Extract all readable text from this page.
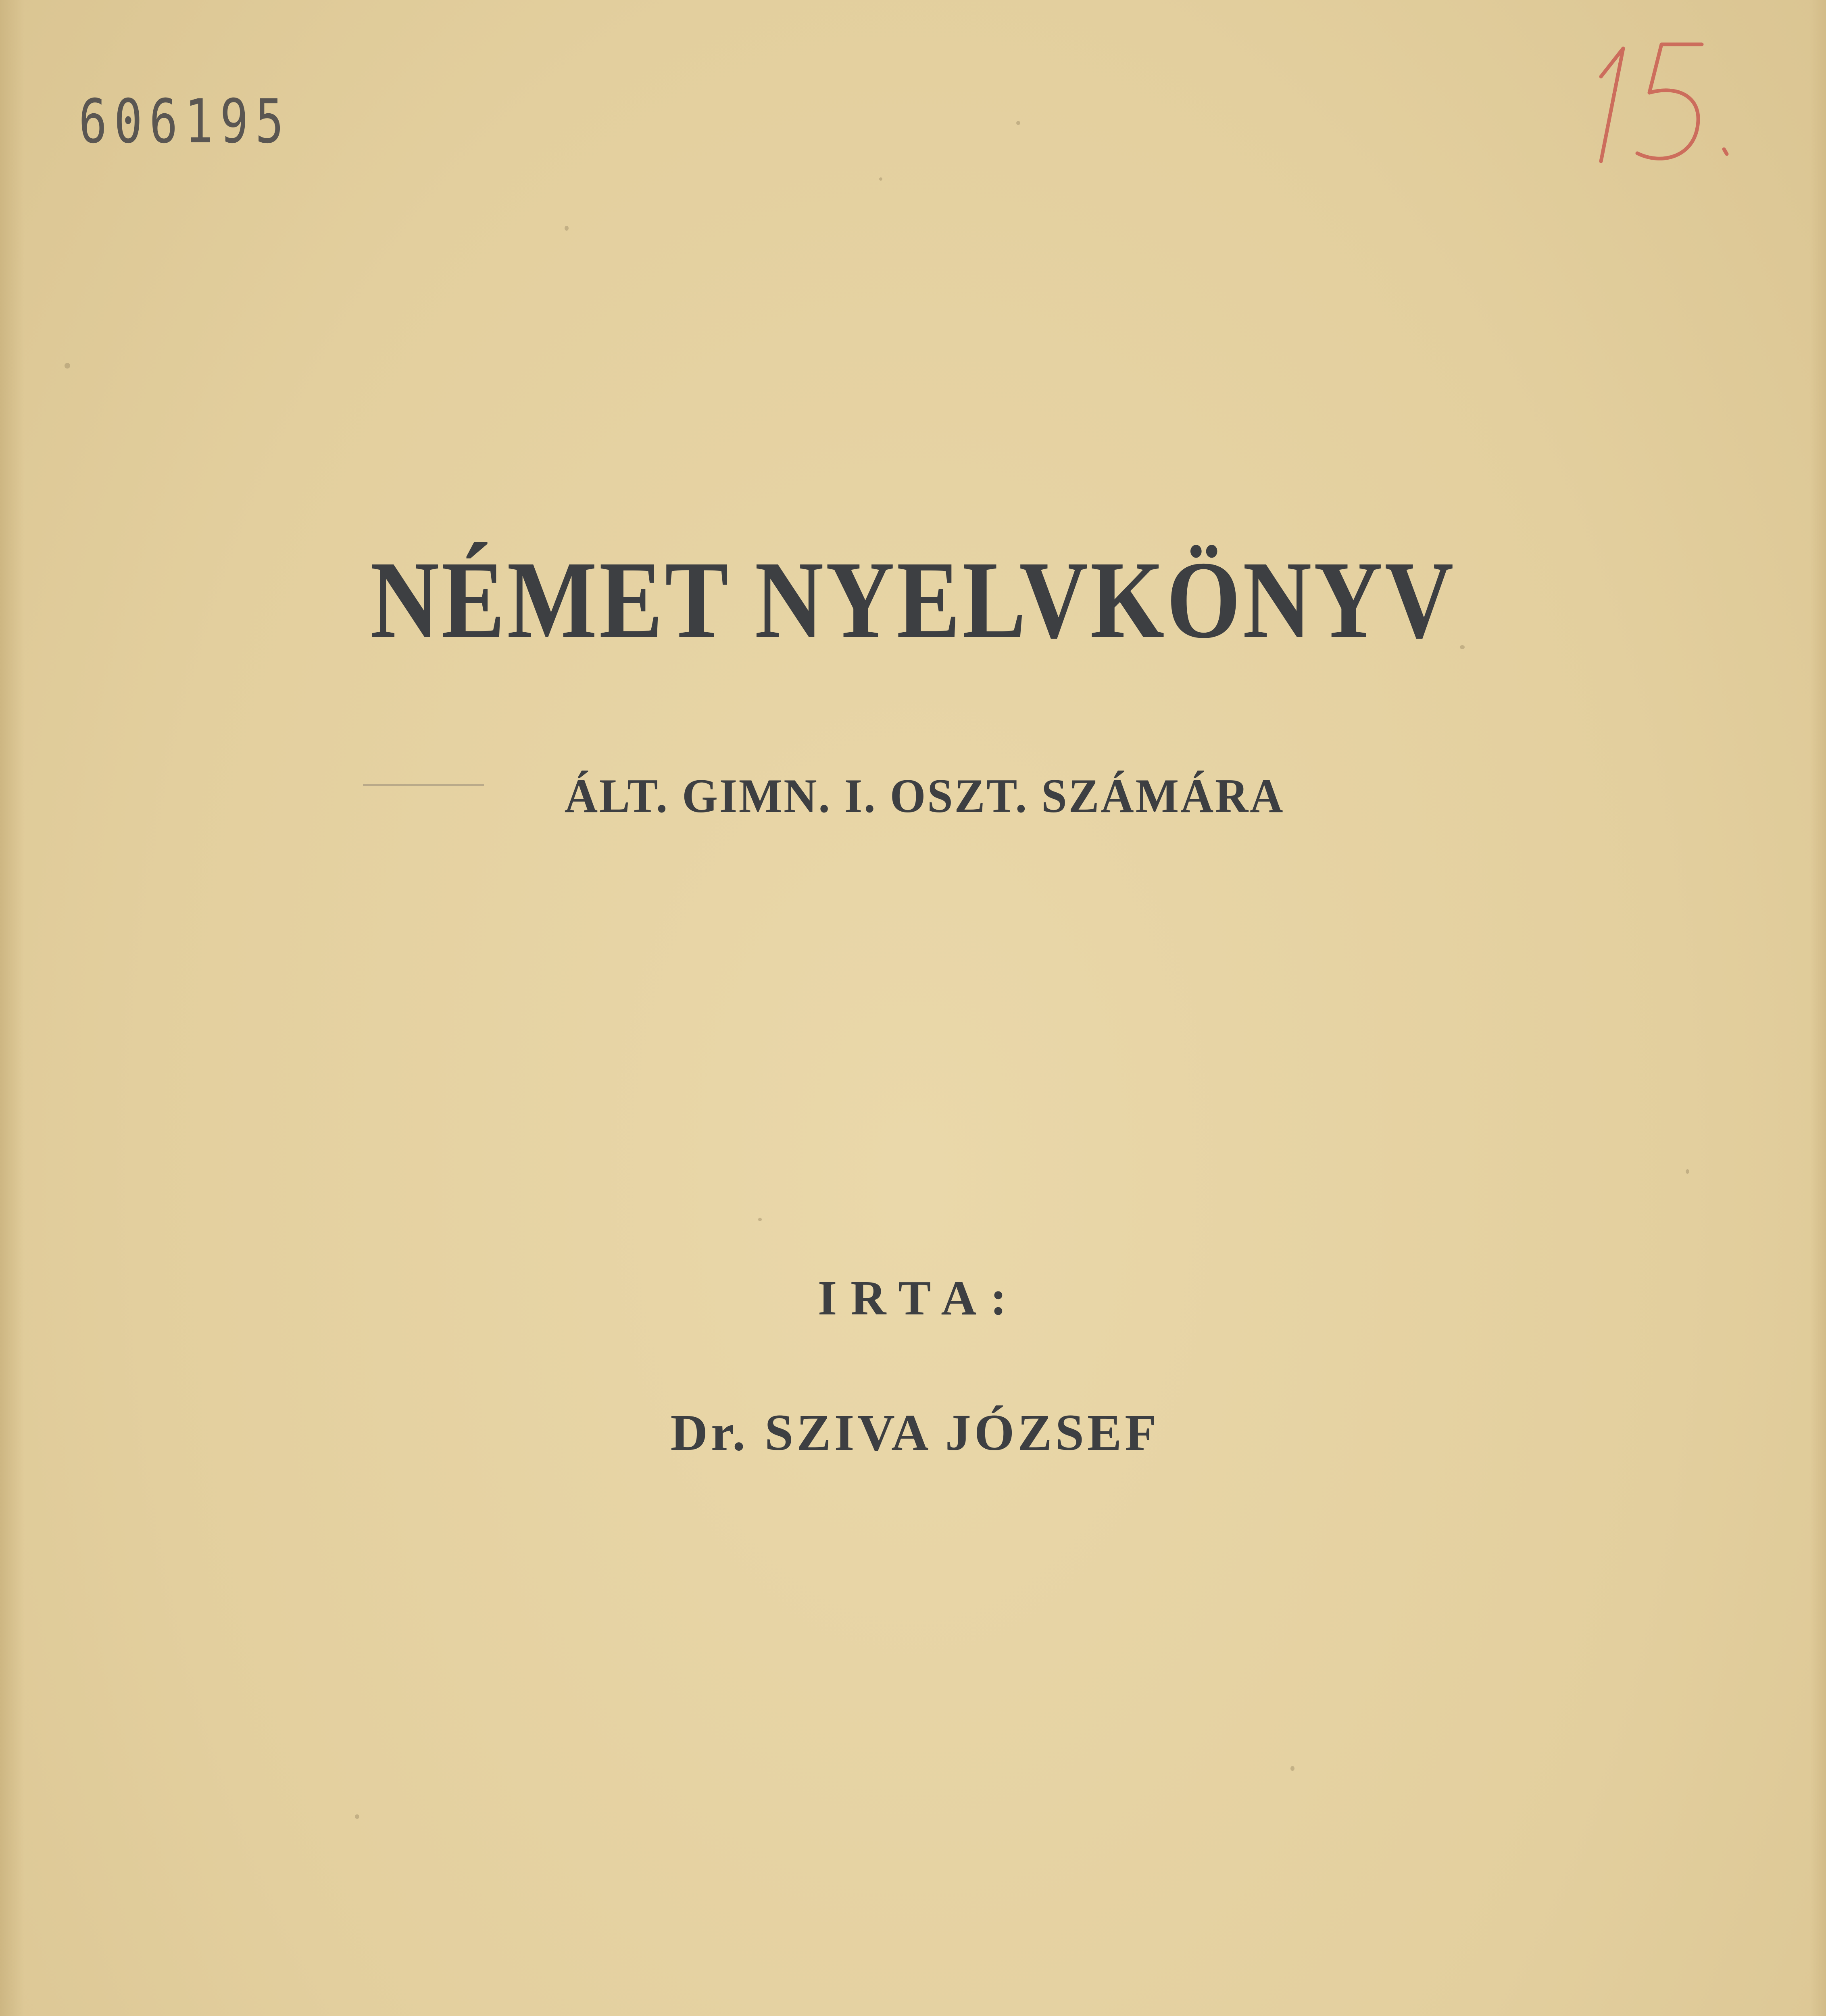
606195
NÉMET NYELVKÖNYV
ÁLT. GIMN. I. OSZT. SZÁMÁRA
IRTA:
Dr. SZIVA JÓZSEF
